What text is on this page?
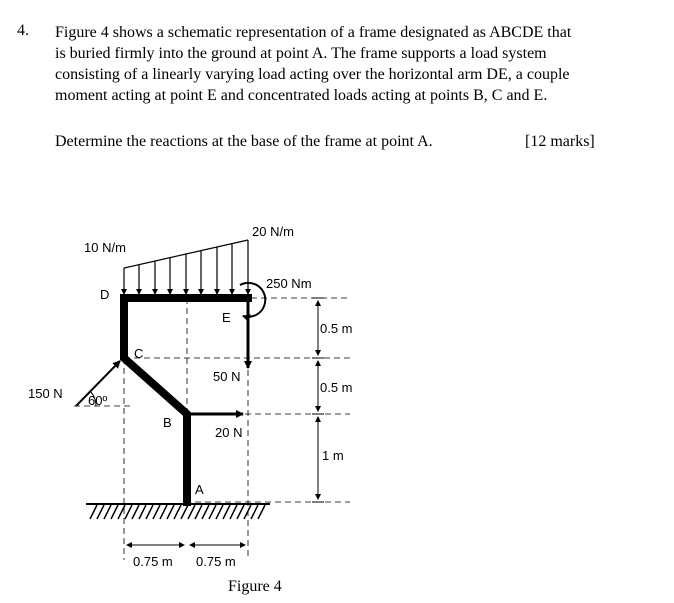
4. Figure 4 shows a schematic representation of a frame designated as ABCDE that
is buried firmly into the ground at point A. The frame supports a load system
consisting of a linearly varying load acting over the horizontal arm DE, a couple
moment acting at point E and concentrated loads acting at points B, C and E.
Determine the reactions at the base of the frame at point A.	[12 marks]
10 N/m
20 N/m
250 Nm
D
E
C
50 N
150 N 60º
B
20 N
A
0.5 m
0.5 m
1 m
0.75 m 0.75 m
Figure 4
